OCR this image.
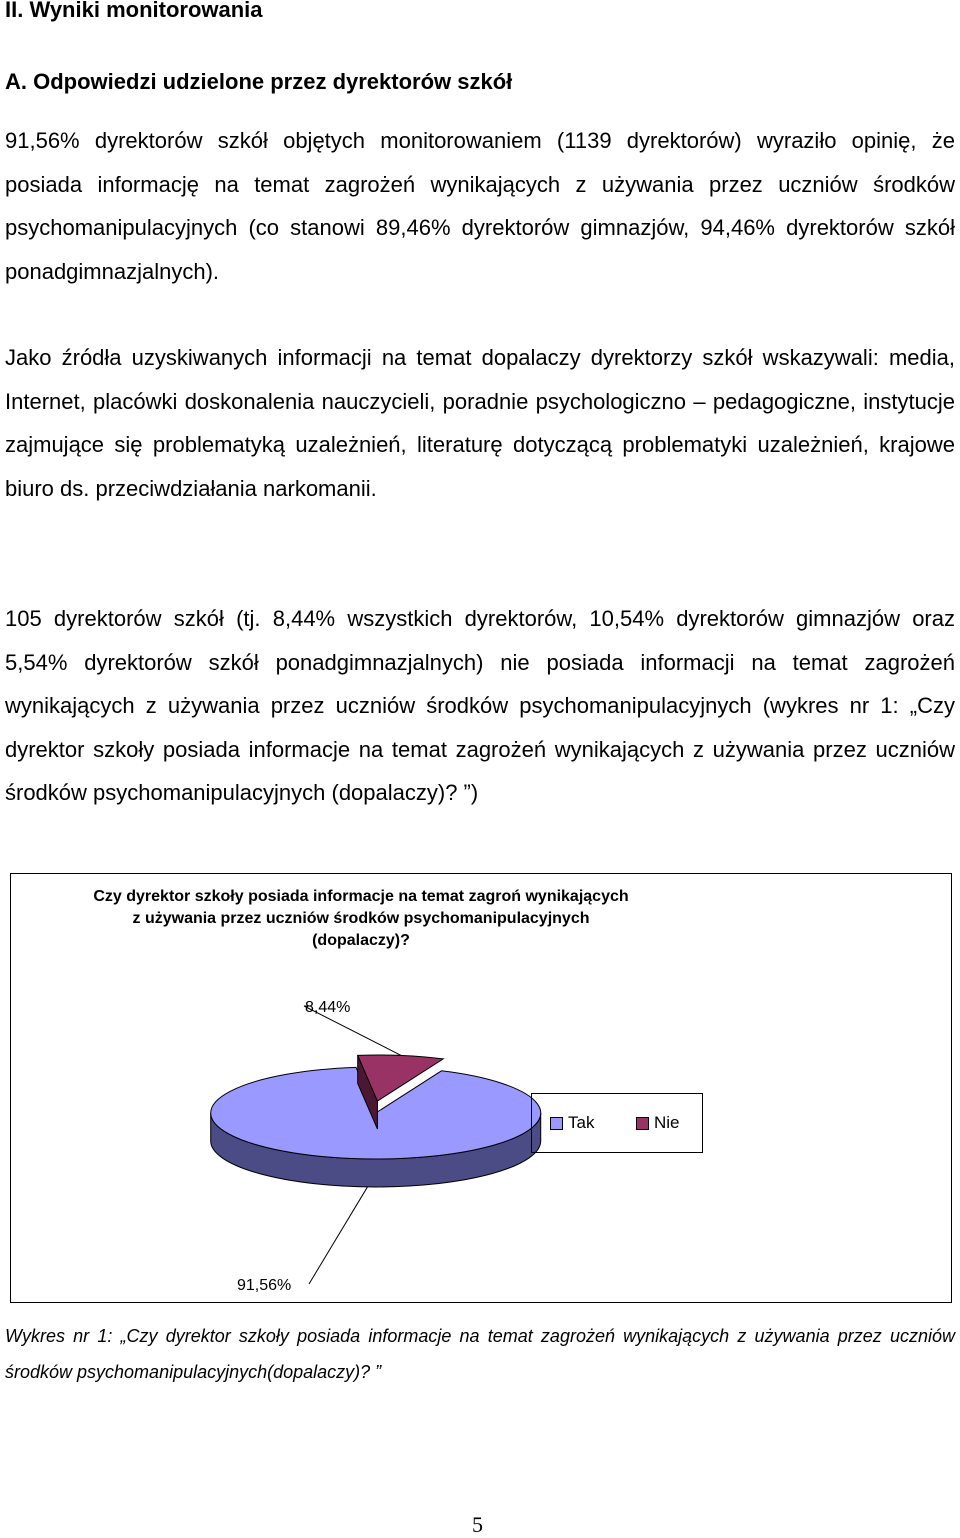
II. Wyniki monitorowania
A. Odpowiedzi udzielone przez dyrektorów szkół

91,56% dyrektorów szkół objętych monitorowaniem (1139 dyrektorów) wyraziło opinię, że posiada informację na temat zagrożeń wynikających z używania przez uczniów środków psychomanipulacyjnych (co stanowi 89,46% dyrektorów gimnazjów, 94,46% dyrektorów szkół ponadgimnazjalnych).

Jako źródła uzyskiwanych informacji na temat dopalaczy dyrektorzy szkół wskazywali: media, Internet, placówki doskonalenia nauczycieli, poradnie psychologiczno – pedagogiczne, instytucje zajmujące się problematyką uzależnień, literaturę dotyczącą problematyki uzależnień, krajowe biuro ds. przeciwdziałania narkomanii.

105 dyrektorów szkół (tj. 8,44% wszystkich dyrektorów, 10,54% dyrektorów gimnazjów oraz 5,54% dyrektorów szkół ponadgimnazjalnych) nie posiada informacji na temat zagrożeń wynikających z używania przez uczniów środków psychomanipulacyjnych (wykres nr 1: „Czy dyrektor szkoły posiada informacje na temat zagrożeń wynikających z używania przez uczniów środków psychomanipulacyjnych (dopalaczy)? ”)

Czy dyrektor szkoły posiada informacje na temat zagroń wynikających z używania przez uczniów środków psychomanipulacyjnych (dopalaczy)?

8,44%
91,56%
Tak	Nie

Wykres nr 1: „Czy dyrektor szkoły posiada informacje na temat zagrożeń wynikających z używania przez uczniów środków psychomanipulacyjnych(dopalaczy)? ”

5
